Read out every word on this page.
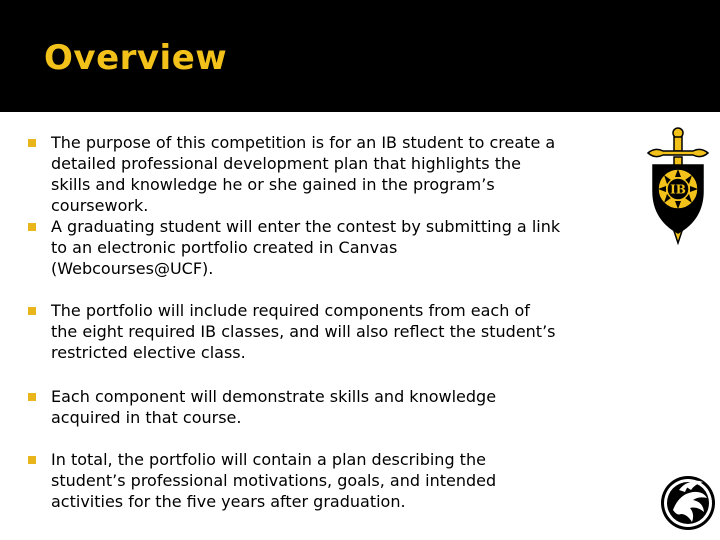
Overview
The purpose of this competition is for an IB student to create a
detailed professional development plan that highlights the
skills and knowledge he or she gained in the program’s
coursework.
A graduating student will enter the contest by submitting a link
to an electronic portfolio created in Canvas
(Webcourses@UCF).
The portfolio will include required components from each of
the eight required IB classes, and will also reflect the student’s
restricted elective class.
Each component will demonstrate skills and knowledge
acquired in that course.
In total, the portfolio will contain a plan describing the
student’s professional motivations, goals, and intended
activities for the five years after graduation.
IB
